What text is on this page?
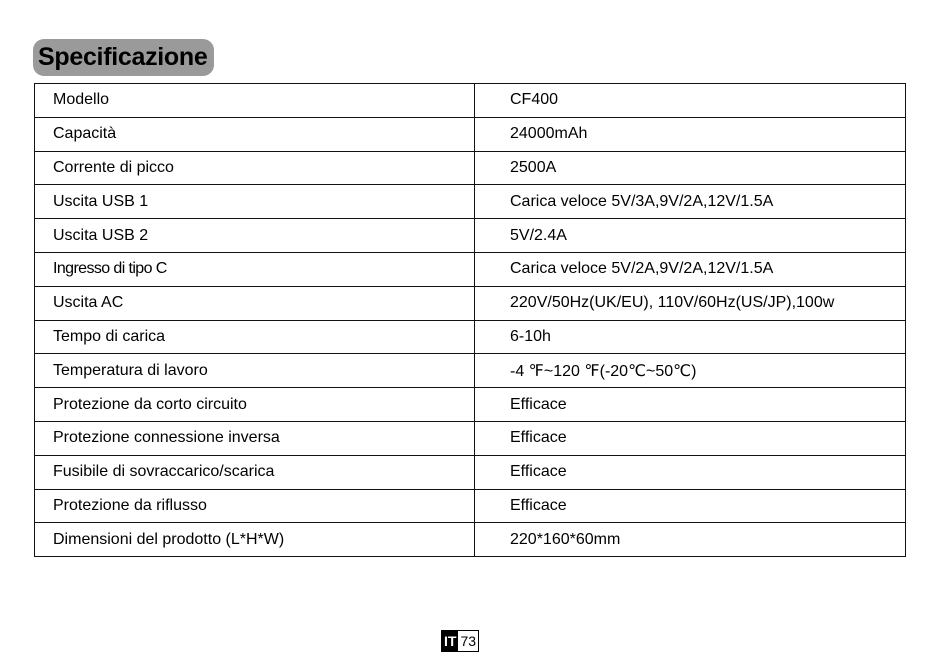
Specificazione
Modello	CF400
Capacità	24000mAh
Corrente di picco	2500A
Uscita USB 1	Carica veloce 5V/3A,9V/2A,12V/1.5A
Uscita USB 2	5V/2.4A
Ingresso di tipo C	Carica veloce 5V/2A,9V/2A,12V/1.5A
Uscita AC	220V/50Hz(UK/EU), 110V/60Hz(US/JP),100w
Tempo di carica	6-10h
Temperatura di lavoro	-4 ℉~120 ℉(-20℃~50℃)
Protezione da corto circuito	Efficace
Protezione connessione inversa	Efficace
Fusibile di sovraccarico/scarica	Efficace
Protezione da riflusso	Efficace
Dimensioni del prodotto (L*H*W)	220*160*60mm
IT 73
